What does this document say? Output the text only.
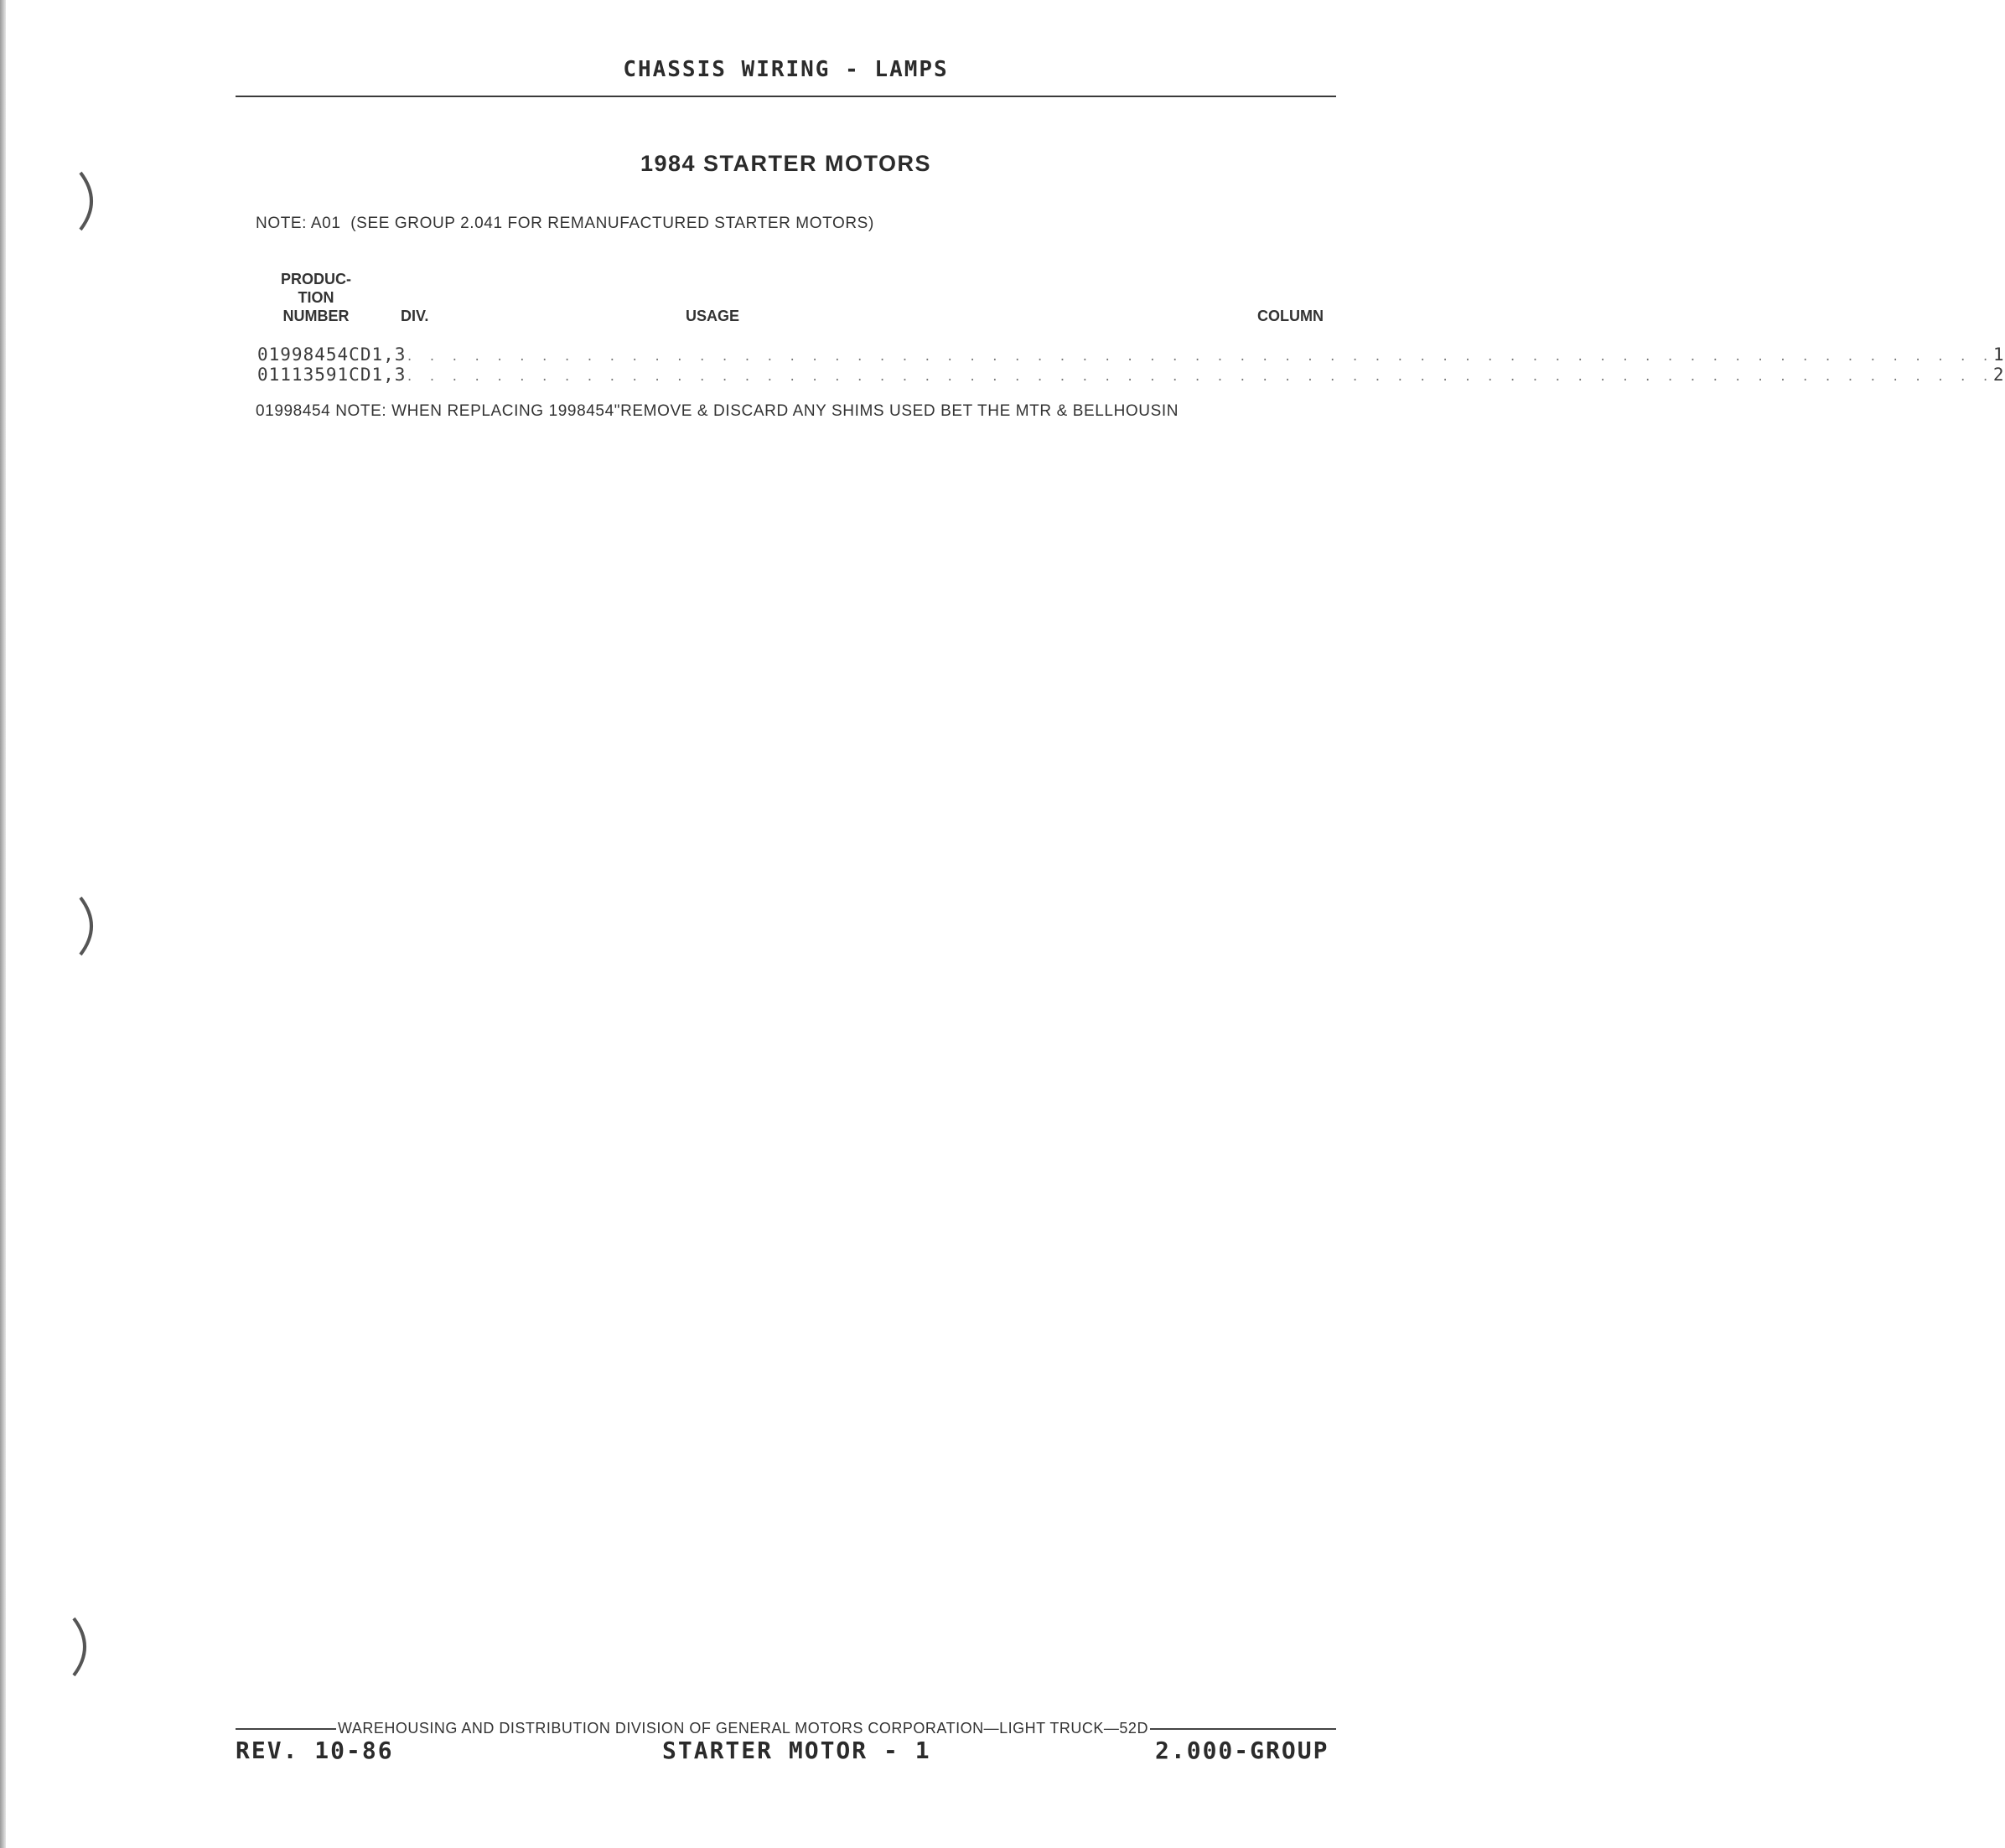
CHASSIS WIRING - LAMPS
1984 STARTER MOTORS
NOTE: A01  (SEE GROUP 2.041 FOR REMANUFACTURED STARTER MOTORS)
PRODUC-
TION
NUMBER	DIV.	USAGE	COLUMN
01998454 C D1,3 . . . . . . . . . . . . . . . . . . . . . . . . . . . . . . . . . . . . . . . . . . . . . . . . . . . . . . . . . . . . . . . . . . . . . . . 1
01113591 C D1,3 . . . . . . . . . . . . . . . . . . . . . . . . . . . . . . . . . . . . . . . . . . . . . . . . . . . . . . . . . . . . . . . . . . . . . . . 2
01998454 NOTE: WHEN REPLACING 1998454"REMOVE & DISCARD ANY SHIMS USED BET THE MTR & BELLHOUSIN
WAREHOUSING AND DISTRIBUTION DIVISION OF GENERAL MOTORS CORPORATION—LIGHT TRUCK—52D
REV. 10-86	STARTER MOTOR - 1	2.000-GROUP
